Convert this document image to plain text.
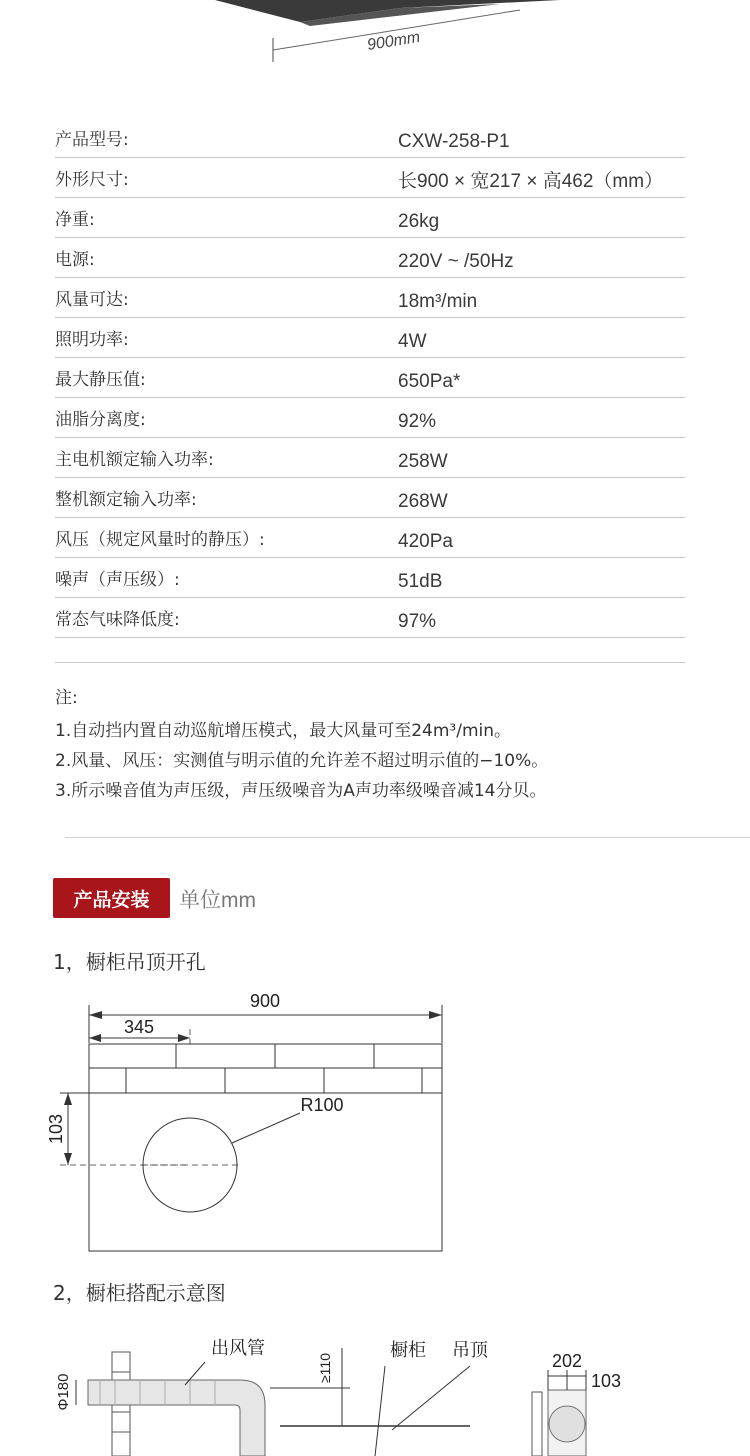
900mm
产品型号:	CXW-258-P1
外形尺寸:	长900 × 宽217 × 高462（mm）
净重:	26kg
电源:	220V ~ /50Hz
风量可达:	18m³/min
照明功率:	4W
最大静压值:	650Pa*
油脂分离度:	92%
主电机额定输入功率:	258W
整机额定输入功率:	268W
风压（规定风量时的静压）:	420Pa
噪声（声压级）:	51dB
常态气味降低度:	97%
注:
1.自动挡内置自动巡航增压模式，最大风量可至24m³/min。
2.风量、风压：实测值与明示值的允许差不超过明示值的−10%。
3.所示噪音值为声压级，声压级噪音为A声功率级噪音减14分贝。
产品安装	单位mm
1，橱柜吊顶开孔
900
345
103
R100
2，橱柜搭配示意图
Φ180
出风管
≥110
橱柜 吊顶
202
103
